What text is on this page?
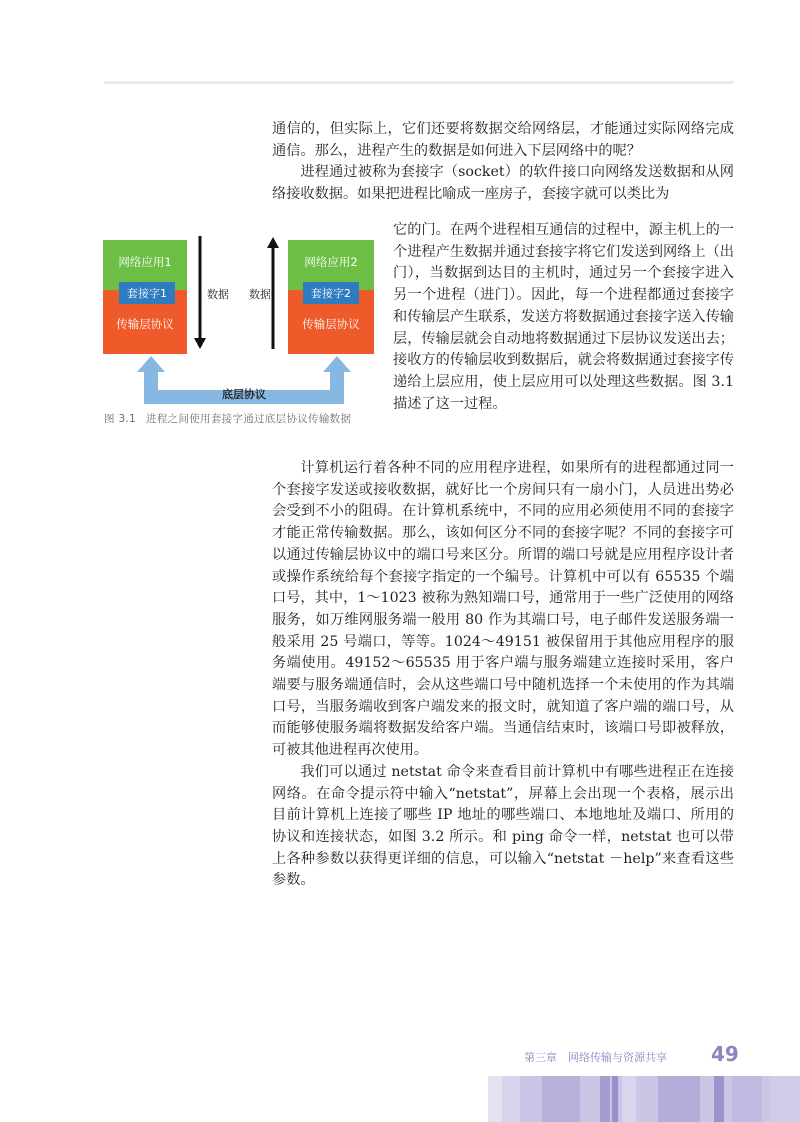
通信的，但实际上，它们还要将数据交给网络层，才能通过实际网络完成通信。那么，进程产生的数据是如何进入下层网络中的呢？

进程通过被称为套接字（socket）的软件接口向网络发送数据和从网络接收数据。如果把进程比喻成一座房子，套接字就可以类比为

它的门。在两个进程相互通信的过程中，源主机上的一个进程产生数据并通过套接字将它们发送到网络上（出门），当数据到达目的主机时，通过另一个套接字进入另一个进程（进门）。因此，每一个进程都通过套接字和传输层产生联系，发送方将数据通过套接字送入传输层，传输层就会自动地将数据通过下层协议发送出去；接收方的传输层收到数据后，就会将数据通过套接字传递给上层应用，使上层应用可以处理这些数据。图 3.1 描述了这一过程。

网络应用1
传输层协议
套接字1
网络应用2
传输层协议
套接字2
数据 数据
底层协议
图 3.1 进程之间使用套接字通过底层协议传输数据

计算机运行着各种不同的应用程序进程，如果所有的进程都通过同一个套接字发送或接收数据，就好比一个房间只有一扇小门，人员进出势必会受到不小的阻碍。在计算机系统中，不同的应用必须使用不同的套接字才能正常传输数据。那么，该如何区分不同的套接字呢？不同的套接字可以通过传输层协议中的端口号来区分。所谓的端口号就是应用程序设计者或操作系统给每个套接字指定的一个编号。计算机中可以有 65535 个端口号，其中，1～1023 被称为熟知端口号，通常用于一些广泛使用的网络服务，如万维网服务端一般用 80 作为其端口号，电子邮件发送服务端一般采用 25 号端口，等等。1024～49151 被保留用于其他应用程序的服务端使用。49152～65535 用于客户端与服务端建立连接时采用，客户端要与服务端通信时，会从这些端口号中随机选择一个未使用的作为其端口号，当服务端收到客户端发来的报文时，就知道了客户端的端口号，从而能够使服务端将数据发给客户端。当通信结束时，该端口号即被释放，可被其他进程再次使用。

我们可以通过 netstat 命令来查看目前计算机中有哪些进程正在连接网络。在命令提示符中输入“netstat”，屏幕上会出现一个表格，展示出目前计算机上连接了哪些 IP 地址的哪些端口、本地地址及端口、所用的协议和连接状态，如图 3.2 所示。和 ping 命令一样，netstat 也可以带上各种参数以获得更详细的信息，可以输入“netstat －help”来查看这些参数。

第三章　网络传输与资源共享 49
